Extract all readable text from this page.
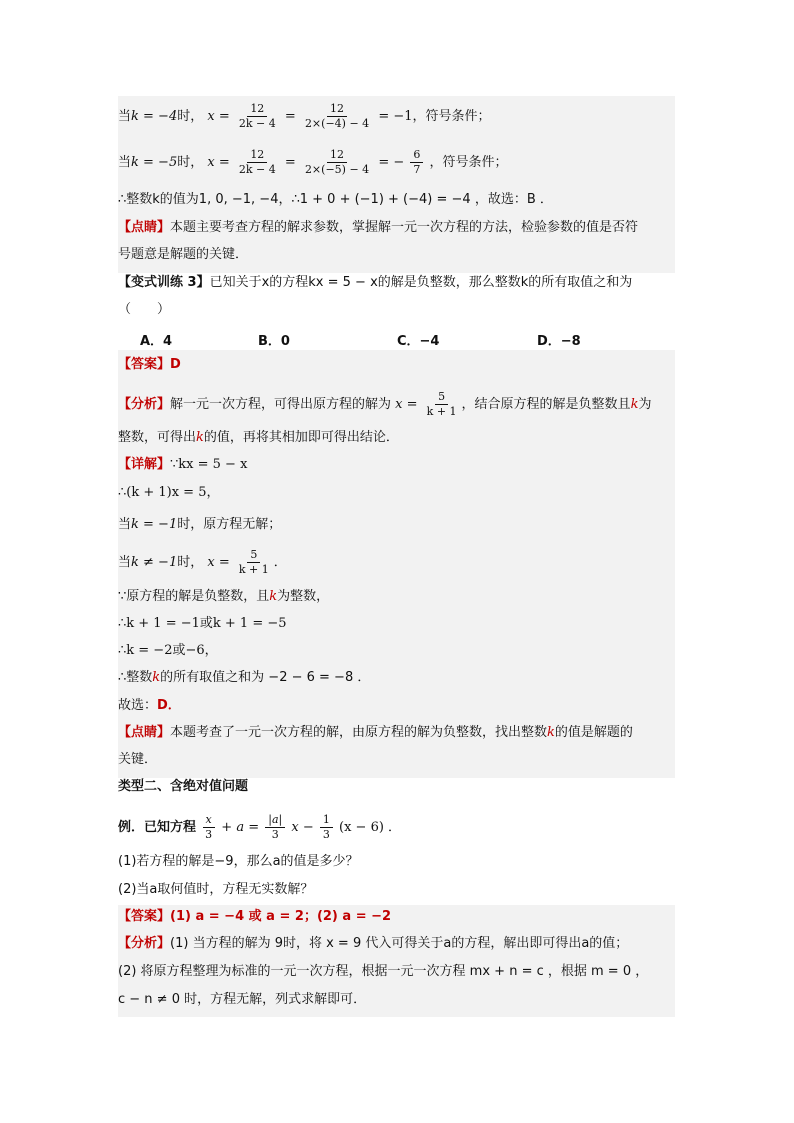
当k = −4时， $x = \frac{12}{2k - 4} = \frac{12}{2\times(-4) - 4} = -1$，符号条件；
当k = −5时， $x = \frac{12}{2k - 4} = \frac{12}{2\times(-5) - 4}$ = − $\frac{6}{7}$ ，符号条件；
∴整数k的值为1, 0, −1, −4，∴1 + 0 + (−1) + (−4) = −4 ，故选：B ．
【点睛】本题主要考查方程的解求参数，掌握解一元一次方程的方法，检验参数的值是否符
号题意是解题的关键．
【变式训练 3】已知关于x的方程kx = 5 − x的解是负整数，那么整数k的所有取值之和为
（　　）
A．4	B．0	C．−4	D．−8
【答案】D
【分析】解一元一次方程，可得出原方程的解为 $x = \frac{5}{k + 1}$ ，结合原方程的解是负整数且k为
整数，可得出k的值，再将其相加即可得出结论．
【详解】∵kx = 5 − x
∴(k + 1)x = 5，
当k = −1时，原方程无解；
当k ≠ −1时， $x = \frac{5}{k + 1}$ ．
∵原方程的解是负整数，且k为整数，
∴k + 1 = −1或k + 1 = −5
∴k = −2或−6，
∴整数k的所有取值之和为 −2 − 6 = −8 ．
故选：D．
【点睛】本题考查了一元一次方程的解，由原方程的解为负整数，找出整数k的值是解题的
关键．
类型二、含绝对值问题
例．已知方程 $\frac{x}{3} + a = \frac{|a|}{3}$ $x - \frac{1}{3} (x - 6)$ ．
(1)若方程的解是−9，那么a的值是多少？
(2)当a取何值时，方程无实数解？
【答案】(1) a = −4 或 a = 2；(2) a = −2
【分析】(1) 当方程的解为 9时，将 x = 9 代入可得关于a的方程，解出即可得出a的值；
(2) 将原方程整理为标准的一元一次方程，根据一元一次方程 mx + n = c ，根据 m = 0 ，
c − n ≠ 0 时，方程无解，列式求解即可．
